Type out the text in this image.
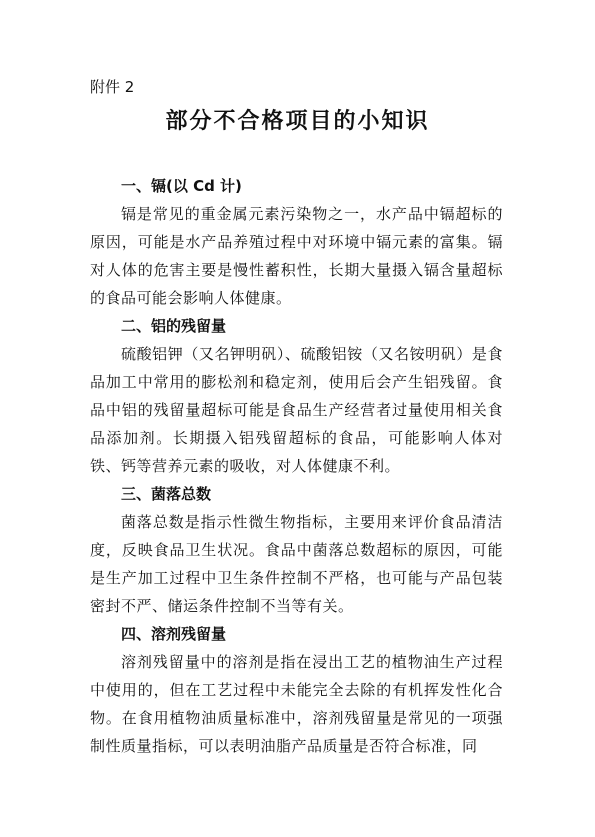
附件 2
部分不合格项目的小知识

一、镉(以 Cd 计)

镉是常见的重金属元素污染物之一，水产品中镉超标的原因，可能是水产品养殖过程中对环境中镉元素的富集。镉对人体的危害主要是慢性蓄积性，长期大量摄入镉含量超标的食品可能会影响人体健康。

二、铝的残留量

硫酸铝钾（又名钾明矾）、硫酸铝铵（又名铵明矾）是食品加工中常用的膨松剂和稳定剂，使用后会产生铝残留。食品中铝的残留量超标可能是食品生产经营者过量使用相关食品添加剂。长期摄入铝残留超标的食品，可能影响人体对铁、钙等营养元素的吸收，对人体健康不利。

三、菌落总数

菌落总数是指示性微生物指标，主要用来评价食品清洁度，反映食品卫生状况。食品中菌落总数超标的原因，可能是生产加工过程中卫生条件控制不严格，也可能与产品包装密封不严、储运条件控制不当等有关。

四、溶剂残留量

溶剂残留量中的溶剂是指在浸出工艺的植物油生产过程中使用的，但在工艺过程中未能完全去除的有机挥发性化合物。在食用植物油质量标准中，溶剂残留量是常见的一项强制性质量指标，可以表明油脂产品质量是否符合标准，同
